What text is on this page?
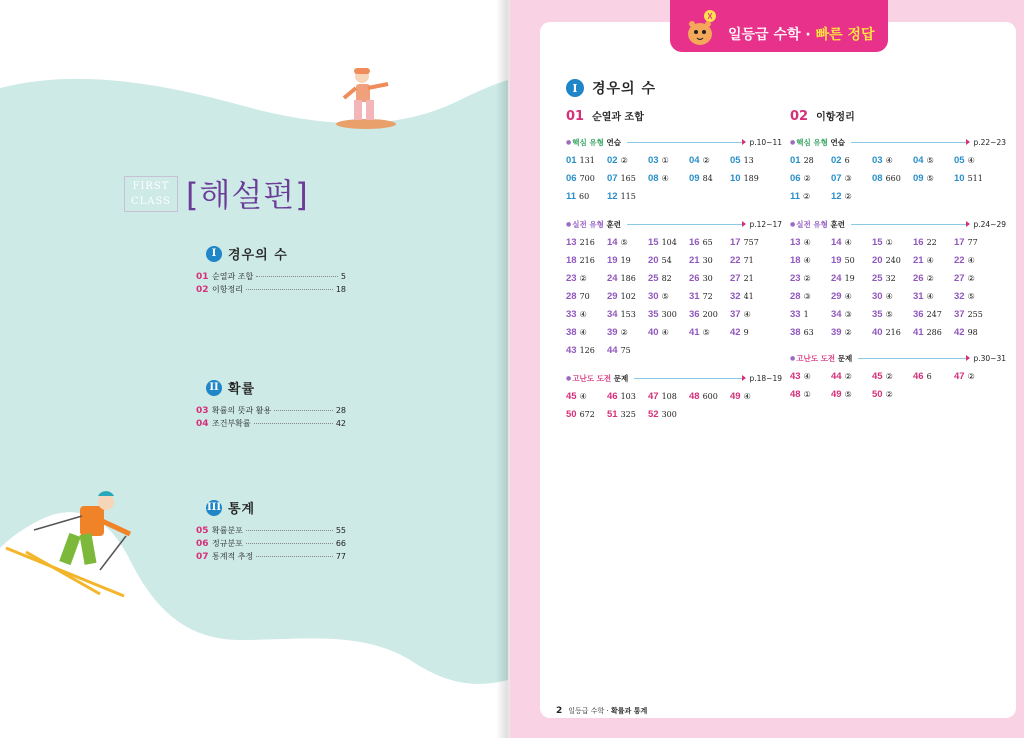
FIRST
CLASS [해설편]
I 경우의 수
01 순열과 조합	5
02 이항정리	18
II 확률
03 확률의 뜻과 활용	28
04 조건부확률	42
III 통계
05 확률분포	55
06 정규분포	66
07 통계적 추정	77
일등급 수학 · 빠른 정답
I	경우의 수
01 순열과 조합
● 핵심 유형 연습	p.10~11
01 131	02 ②	03 ①	04 ②	05 13
06 700	07 165	08 ④	09 84	10 189
11 60	12 115
● 실전 유형 훈련	p.12~17
13 216	14 ⑤	15 104	16 65	17 757
18 216	19 19	20 54	21 30	22 71
23 ②	24 186	25 82	26 30	27 21
28 70	29 102	30 ⑤	31 72	32 41
33 ④	34 153	35 300	36 200	37 ④
38 ④	39 ②	40 ④	41 ⑤	42 9
43 126	44 75
● 고난도 도전 문제	p.18~19
45 ④	46 103	47 108	48 600	49 ④
50 672	51 325	52 300
02 이항정리
● 핵심 유형 연습	p.22~23
01 28	02 6	03 ④	04 ⑤	05 ④
06 ②	07 ③	08 660	09 ⑤	10 511
11 ②	12 ②
● 실전 유형 훈련	p.24~29
13 ④	14 ④	15 ①	16 22	17 77
18 ④	19 50	20 240	21 ④	22 ④
23 ②	24 19	25 32	26 ②	27 ②
28 ③	29 ④	30 ④	31 ④	32 ⑤
33 1	34 ③	35 ⑤	36 247	37 255
38 63	39 ②	40 216	41 286	42 98
● 고난도 도전 문제	p.30~31
43 ④	44 ②	45 ②	46 6	47 ②
48 ①	49 ⑤	50 ②
2 일등급 수학 · 확률과 통계
